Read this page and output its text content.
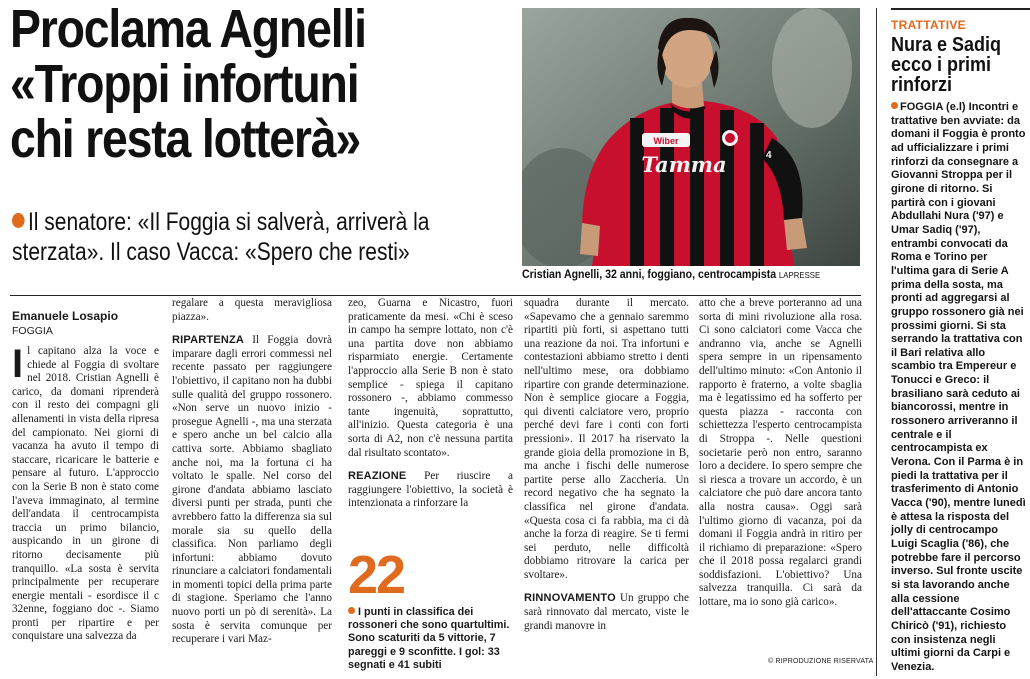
Proclama Agnelli
«Troppi infortuni
chi resta lotterà»
Il senatore: «Il Foggia si salverà, arriverà la sterzata». Il caso Vacca: «Spero che resti»
Wiber
Tamma	4
Cristian Agnelli, 32 anni, foggiano, centrocampista LAPRESSE
Emanuele Losapio
FOGGIA
Il capitano alza la voce e chiede al Foggia di svoltare nel 2018. Cristian Agnelli è carico, da domani riprenderà con il resto dei compagni gli allenamenti in vista della ripresa del campionato. Nei giorni di vacanza ha avuto il tempo di staccare, ricaricare le batterie e pensare al futuro. L'approccio con la Serie B non è stato come l'aveva immaginato, al termine dell'andata il centrocampista traccia un primo bilancio, auspicando in un girone di ritorno decisamente più tranquillo. «La sosta è servita principalmente per recuperare energie mentali - esordisce il c 32enne, foggiano doc -. Siamo pronti per ripartire e per conquistare una salvezza da

regalare a questa meravigliosa piazza».

RIPARTENZA Il Foggia dovrà imparare dagli errori commessi nel recente passato per raggiungere l'obiettivo, il capitano non ha dubbi sulle qualità del gruppo rossonero. «Non serve un nuovo inizio - prosegue Agnelli -, ma una sterzata e spero anche un bel calcio alla cattiva sorte. Abbiamo sbagliato anche noi, ma la fortuna ci ha voltato le spalle. Nel corso del girone d'andata abbiamo lasciato diversi punti per strada, punti che avrebbero fatto la differenza sia sul morale sia su quello della classifica. Non parliamo degli infortuni: abbiamo dovuto rinunciare a calciatori fondamentali in momenti topici della prima parte di stagione. Speriamo che l'anno nuovo porti un pò di serenità». La sosta è servita comunque per recuperare i vari Maz-

zeo, Guarna e Nicastro, fuori praticamente da mesi. «Chi è sceso in campo ha sempre lottato, non c'è una partita dove non abbiamo risparmiato energie. Certamente l'approccio alla Serie B non è stato semplice - spiega il capitano rossonero -, abbiamo commesso tante ingenuità, soprattutto, all'inizio. Questa categoria è una sorta di A2, non c'è nessuna partita dal risultato scontato».

REAZIONE Per riuscire a raggiungere l'obiettivo, la società è intenzionata a rinforzare la

22
I punti in classifica dei rossoneri che sono quartultimi. Sono scaturiti da 5 vittorie, 7 pareggi e 9 sconfitte. I gol: 33 segnati e 41 subiti

squadra durante il mercato. «Sapevamo che a gennaio saremmo ripartiti più forti, si aspettano tutti una reazione da noi. Tra infortuni e contestazioni abbiamo stretto i denti nell'ultimo mese, ora dobbiamo ripartire con grande determinazione. Non è semplice giocare a Foggia, qui diventi calciatore vero, proprio perché devi fare i conti con forti pressioni». Il 2017 ha riservato la grande gioia della promozione in B, ma anche i fischi delle numerose partite perse allo Zaccheria. Un record negativo che ha segnato la classifica nel girone d'andata. «Questa cosa ci fa rabbia, ma ci dà anche la forza di reagire. Se ti fermi sei perduto, nelle difficoltà dobbiamo ritrovare la carica per svoltare».

RINNOVAMENTO Un gruppo che sarà rinnovato dal mercato, viste le grandi manovre in

atto che a breve porteranno ad una sorta di mini rivoluzione alla rosa. Ci sono calciatori come Vacca che andranno via, anche se Agnelli spera sempre in un ripensamento dell'ultimo minuto: «Con Antonio il rapporto è fraterno, a volte sbaglia ma è legatissimo ed ha sofferto per questa piazza - racconta con schiettezza l'esperto centrocampista di Stroppa -. Nelle questioni societarie però non entro, saranno loro a decidere. Io spero sempre che si riesca a trovare un accordo, è un calciatore che può dare ancora tanto alla nostra causa». Oggi sarà l'ultimo giorno di vacanza, poi da domani il Foggia andrà in ritiro per il richiamo di preparazione: «Spero che il 2018 possa regalarci grandi soddisfazioni. L'obiettivo? Una salvezza tranquilla. Ci sarà da lottare, ma io sono già carico».

© RIPRODUZIONE RISERVATA
TRATTATIVE
Nura e Sadiq
ecco i primi
rinforzi
FOGGIA (e.l) Incontri e trattative ben avviate: da domani il Foggia è pronto ad ufficializzare i primi rinforzi da consegnare a Giovanni Stroppa per il girone di ritorno. Si partirà con i giovani Abdullahi Nura ('97) e Umar Sadiq ('97), entrambi convocati da Roma e Torino per l'ultima gara di Serie A prima della sosta, ma pronti ad aggregarsi al gruppo rossonero già nei prossimi giorni. Si sta serrando la trattativa con il Bari relativa allo scambio tra Empereur e Tonucci e Greco: il brasiliano sarà ceduto ai biancorossi, mentre in rossonero arriveranno il centrale e il centrocampista ex Verona. Con il Parma è in piedi la trattativa per il trasferimento di Antonio Vacca ('90), mentre lunedì è attesa la risposta del jolly di centrocampo Luigi Scaglia ('86), che potrebbe fare il percorso inverso. Sul fronte uscite si sta lavorando anche alla cessione dell'attaccante Cosimo Chiricò ('91), richiesto con insistenza negli ultimi giorni da Carpi e Venezia.
